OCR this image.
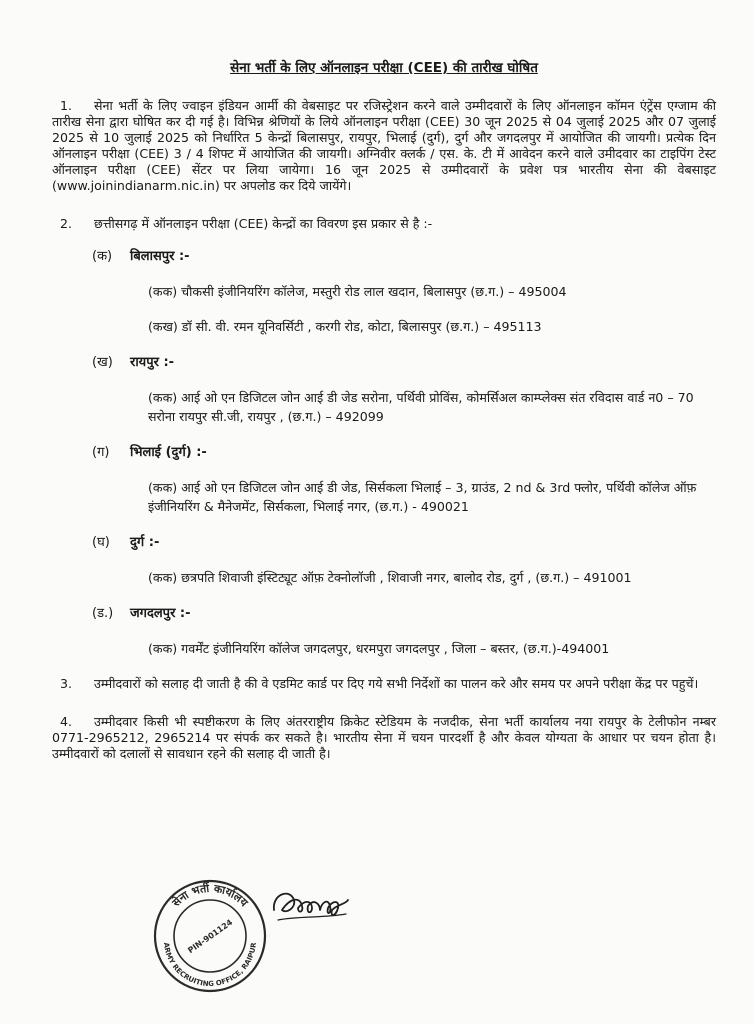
सेना भर्ती के लिए ऑनलाइन परीक्षा (CEE) की तारीख घोषित

1. सेना भर्ती के लिए ज्वाइन इंडियन आर्मी की वेबसाइट पर रजिस्ट्रेशन करने वाले उम्मीदवारों के लिए ऑनलाइन कॉमन एंट्रेंस एग्जाम की तारीख सेना द्वारा घोषित कर दी गई है। विभिन्न श्रेणियों के लिये ऑनलाइन परीक्षा (CEE) 30 जून 2025 से 04 जुलाई 2025 और 07 जुलाई 2025 से 10 जुलाई 2025 को निर्धारित 5 केन्द्रों बिलासपुर, रायपुर, भिलाई (दुर्ग), दुर्ग और जगदलपुर में आयोजित की जायगी। प्रत्येक दिन ऑनलाइन परीक्षा (CEE) 3 / 4 शिफ्ट में आयोजित की जायगी। अग्निवीर क्लर्क / एस. के. टी में आवेदन करने वाले उमीदवार का टाइपिंग टेस्ट ऑनलाइन परीक्षा (CEE) सेंटर पर लिया जायेगा। 16 जून 2025 से उम्मीदवारों के प्रवेश पत्र भारतीय सेना की वेबसाइट (www.joinindianarm.nic.in) पर अपलोड कर दिये जायेंगे।

2. छत्तीसगढ़ में ऑनलाइन परीक्षा (CEE) केन्द्रों का विवरण इस प्रकार से है :-

(क) बिलासपुर :-
(कक) चौकसी इंजीनियरिंग कॉलेज, मस्तुरी रोड लाल खदान, बिलासपुर (छ.ग.) – 495004
(कख) डॉ सी. वी. रमन यूनिवर्सिटी , करगी रोड, कोटा, बिलासपुर (छ.ग.) – 495113
(ख) रायपुर :-
(कक) आई ओ एन डिजिटल जोन आई डी जेड सरोना, पर्थिवी प्रोविंस, कोमर्सिअल काम्प्लेक्स संत रविदास वार्ड न0 – 70 सरोना रायपुर सी.जी, रायपुर , (छ.ग.) – 492099
(ग) भिलाई (दुर्ग) :-
(कक) आई ओ एन डिजिटल जोन आई डी जेड, सिर्सकला भिलाई – 3, ग्राउंड, 2 nd & 3rd फ्लोर, पर्थिवी कॉलेज ऑफ़ इंजीनियरिंग & मैनेजमेंट, सिर्सकला, भिलाई नगर, (छ.ग.) - 490021
(घ) दुर्ग :-
(कक) छत्रपति शिवाजी इंस्टिट्यूट ऑफ़ टेक्नोलॉजी , शिवाजी नगर, बालोद रोड, दुर्ग , (छ.ग.) – 491001
(ड.) जगदलपुर :-
(कक) गवर्मेंट इंजीनियरिंग कॉलेज जगदलपुर, धरमपुरा जगदलपुर , जिला – बस्तर, (छ.ग.)-494001

3. उम्मीदवारों को सलाह दी जाती है की वे एडमिट कार्ड पर दिए गये सभी निर्देशों का पालन करे और समय पर अपने परीक्षा केंद्र पर पहुचें।

4. उम्मीदवार किसी भी स्पष्टीकरण के लिए अंतरराष्ट्रीय क्रिकेट स्टेडियम के नजदीक, सेना भर्ती कार्यालय नया रायपुर के टेलीफोन नम्बर 0771-2965212, 2965214 पर संपर्क कर सकते है। भारतीय सेना में चयन पारदर्शी है और केवल योग्यता के आधार पर चयन होता है। उम्मीदवारों को दलालों से सावधान रहने की सलाह दी जाती है।

सेना भर्ती कार्यालय
ARMY RECRUITING OFFICE, RAIPUR
PIN-901124
